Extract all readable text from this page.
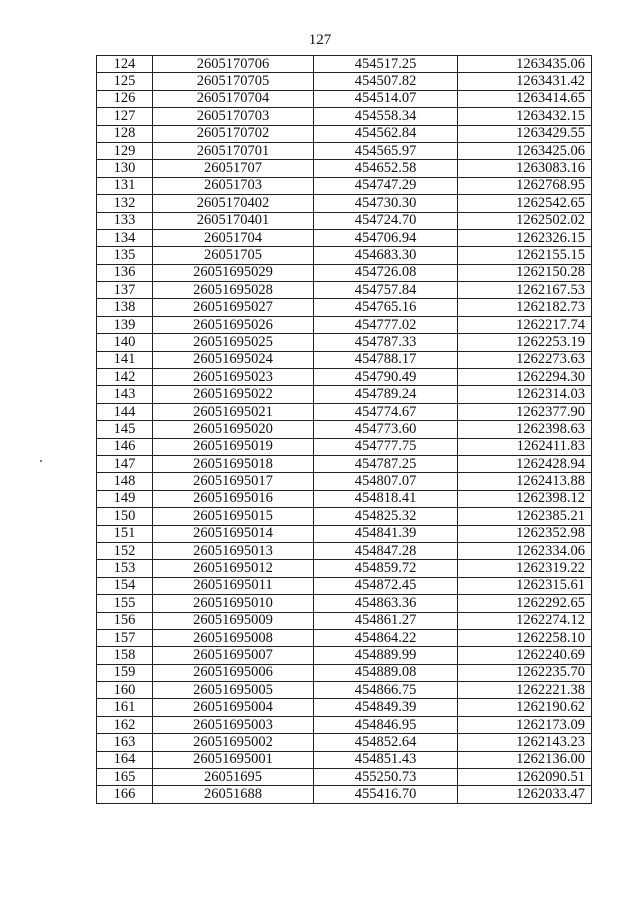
127
124	2605170706	454517.25	1263435.06
125	2605170705	454507.82	1263431.42
126	2605170704	454514.07	1263414.65
127	2605170703	454558.34	1263432.15
128	2605170702	454562.84	1263429.55
129	2605170701	454565.97	1263425.06
130	26051707	454652.58	1263083.16
131	26051703	454747.29	1262768.95
132	2605170402	454730.30	1262542.65
133	2605170401	454724.70	1262502.02
134	26051704	454706.94	1262326.15
135	26051705	454683.30	1262155.15
136	26051695029	454726.08	1262150.28
137	26051695028	454757.84	1262167.53
138	26051695027	454765.16	1262182.73
139	26051695026	454777.02	1262217.74
140	26051695025	454787.33	1262253.19
141	26051695024	454788.17	1262273.63
142	26051695023	454790.49	1262294.30
143	26051695022	454789.24	1262314.03
144	26051695021	454774.67	1262377.90
145	26051695020	454773.60	1262398.63
146	26051695019	454777.75	1262411.83
147	26051695018	454787.25	1262428.94
148	26051695017	454807.07	1262413.88
149	26051695016	454818.41	1262398.12
150	26051695015	454825.32	1262385.21
151	26051695014	454841.39	1262352.98
152	26051695013	454847.28	1262334.06
153	26051695012	454859.72	1262319.22
154	26051695011	454872.45	1262315.61
155	26051695010	454863.36	1262292.65
156	26051695009	454861.27	1262274.12
157	26051695008	454864.22	1262258.10
158	26051695007	454889.99	1262240.69
159	26051695006	454889.08	1262235.70
160	26051695005	454866.75	1262221.38
161	26051695004	454849.39	1262190.62
162	26051695003	454846.95	1262173.09
163	26051695002	454852.64	1262143.23
164	26051695001	454851.43	1262136.00
165	26051695	455250.73	1262090.51
166	26051688	455416.70	1262033.47
